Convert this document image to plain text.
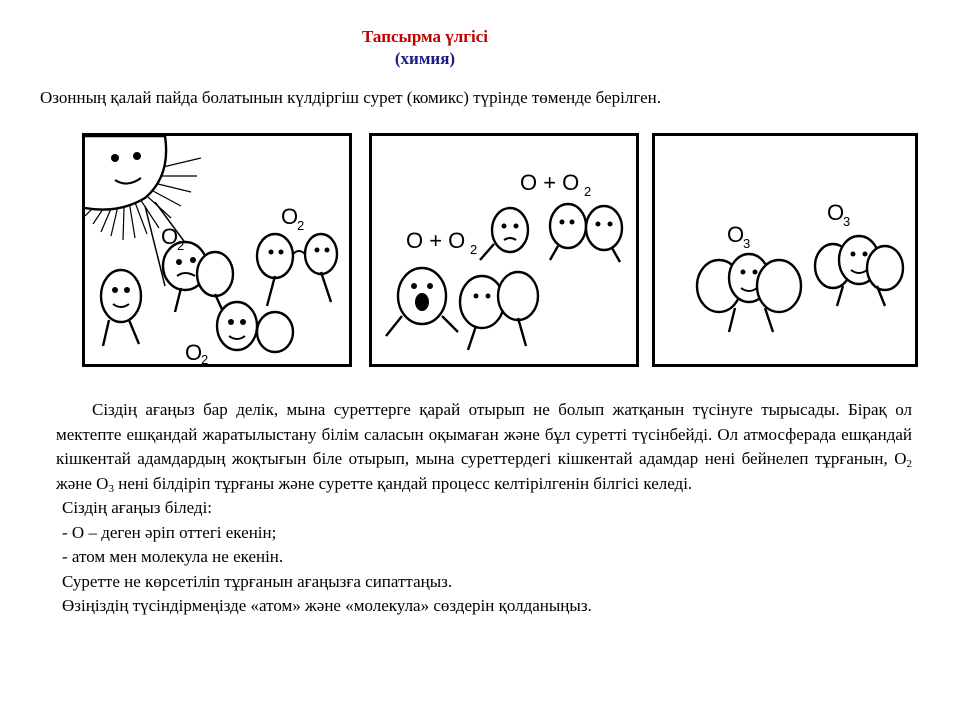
Тапсырма үлгісі
(химия)
Озонның қалай пайда болатынын күлдіргіш сурет (комикс) түрінде төменде берілген.
O
2
O
2
O
2
O + O 2
O + O 2
O
3
O
3

Сіздің ағаңыз бар делік, мына суреттерге қарай отырып не болып жатқанын түсінуге тырысады. Бірақ ол мектепте ешқандай жаратылыстану білім саласын оқымаған және бұл суретті түсінбейді. Ол атмосферада ешқандай кішкентай адамдардың жоқтығын біле отырып, мына суреттердегі кішкентай адамдар нені бейнелеп тұрғанын, $O_2$ және $O_3$ нені білдіріп тұрғаны және суретте қандай процесс келтірілгенін білгісі келеді.

Сіздің ағаңыз біледі:
- О – деген әріп оттегі екенін;
- атом мен молекула не екенін.
Суретте не көрсетіліп тұрғанын ағаңызға сипаттаңыз.
Өзіңіздің түсіндірмеңізде «атом» және «молекула» сөздерін қолданыңыз.
